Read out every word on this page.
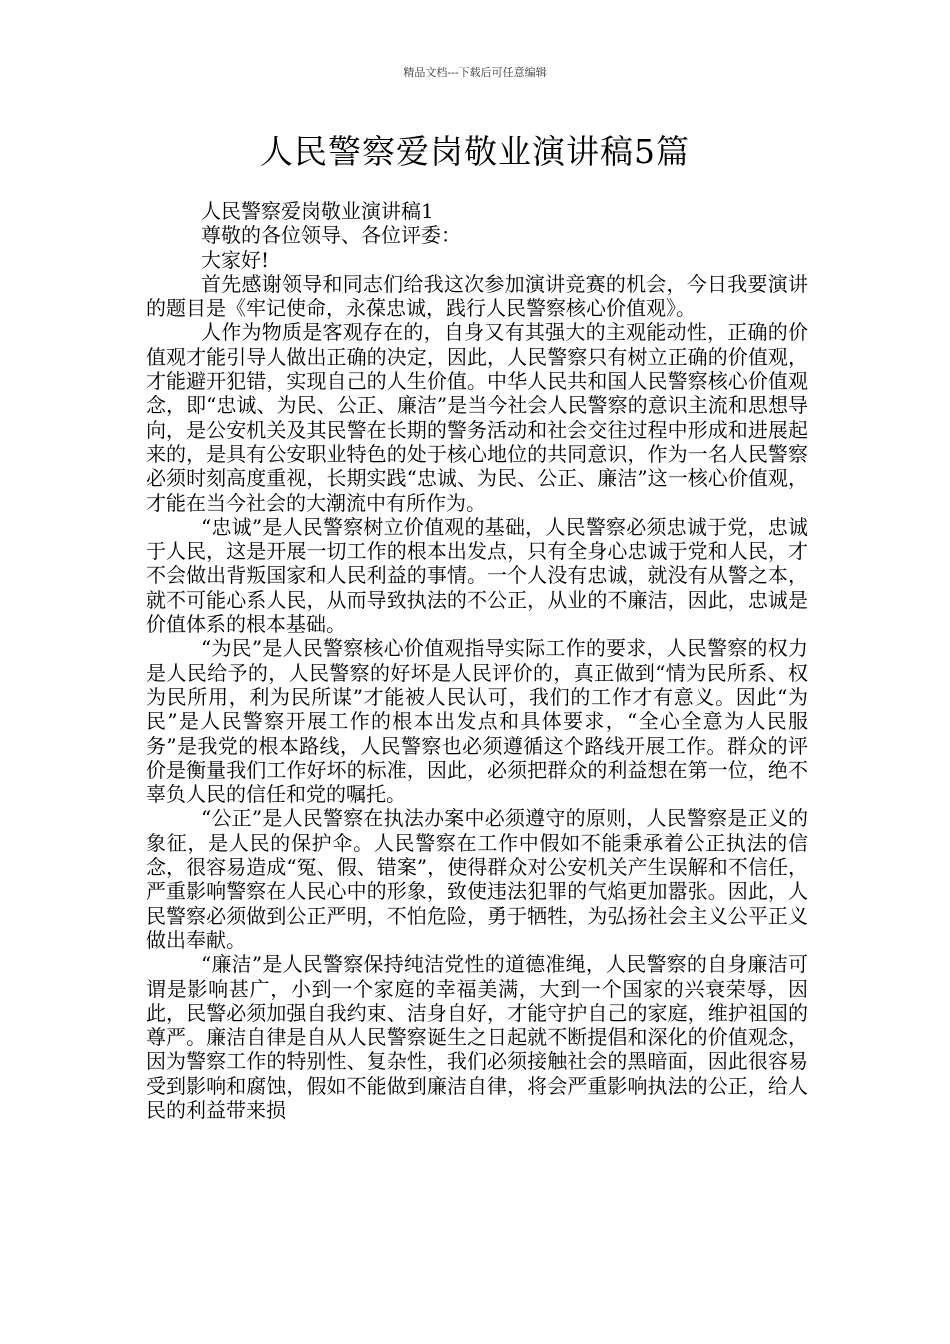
精品文档---下载后可任意编辑
人民警察爱岗敬业演讲稿5篇

人民警察爱岗敬业演讲稿1

尊敬的各位领导、各位评委：

大家好!

首先感谢领导和同志们给我这次参加演讲竞赛的机会，今日我要演讲的题目是《牢记使命，永葆忠诚，践行人民警察核心价值观》。

人作为物质是客观存在的，自身又有其强大的主观能动性，正确的价值观才能引导人做出正确的决定，因此，人民警察只有树立正确的价值观，才能避开犯错，实现自己的人生价值。中华人民共和国人民警察核心价值观念，即“忠诚、为民、公正、廉洁”是当今社会人民警察的意识主流和思想导向，是公安机关及其民警在长期的警务活动和社会交往过程中形成和进展起来的，是具有公安职业特色的处于核心地位的共同意识，作为一名人民警察必须时刻高度重视，长期实践“忠诚、为民、公正、廉洁”这一核心价值观，才能在当今社会的大潮流中有所作为。

“忠诚”是人民警察树立价值观的基础，人民警察必须忠诚于党，忠诚于人民，这是开展一切工作的根本出发点，只有全身心忠诚于党和人民，才不会做出背叛国家和人民利益的事情。一个人没有忠诚，就没有从警之本，就不可能心系人民，从而导致执法的不公正，从业的不廉洁，因此，忠诚是价值体系的根本基础。

“为民”是人民警察核心价值观指导实际工作的要求，人民警察的权力是人民给予的，人民警察的好坏是人民评价的，真正做到“情为民所系、权为民所用，利为民所谋”才能被人民认可，我们的工作才有意义。因此“为民”是人民警察开展工作的根本出发点和具体要求，“全心全意为人民服务”是我党的根本路线，人民警察也必须遵循这个路线开展工作。群众的评价是衡量我们工作好坏的标准，因此，必须把群众的利益想在第一位，绝不辜负人民的信任和党的嘱托。

“公正”是人民警察在执法办案中必须遵守的原则，人民警察是正义的象征，是人民的保护伞。人民警察在工作中假如不能秉承着公正执法的信念，很容易造成“冤、假、错案”，使得群众对公安机关产生误解和不信任，严重影响警察在人民心中的形象，致使违法犯罪的气焰更加嚣张。因此，人民警察必须做到公正严明，不怕危险，勇于牺牲，为弘扬社会主义公平正义做出奉献。

“廉洁”是人民警察保持纯洁党性的道德准绳，人民警察的自身廉洁可谓是影响甚广，小到一个家庭的幸福美满，大到一个国家的兴衰荣辱，因此，民警必须加强自我约束、洁身自好，才能守护自己的家庭，维护祖国的尊严。廉洁自律是自从人民警察诞生之日起就不断提倡和深化的价值观念，因为警察工作的特别性、复杂性，我们必须接触社会的黑暗面，因此很容易受到影响和腐蚀，假如不能做到廉洁自律，将会严重影响执法的公正，给人民的利益带来损
